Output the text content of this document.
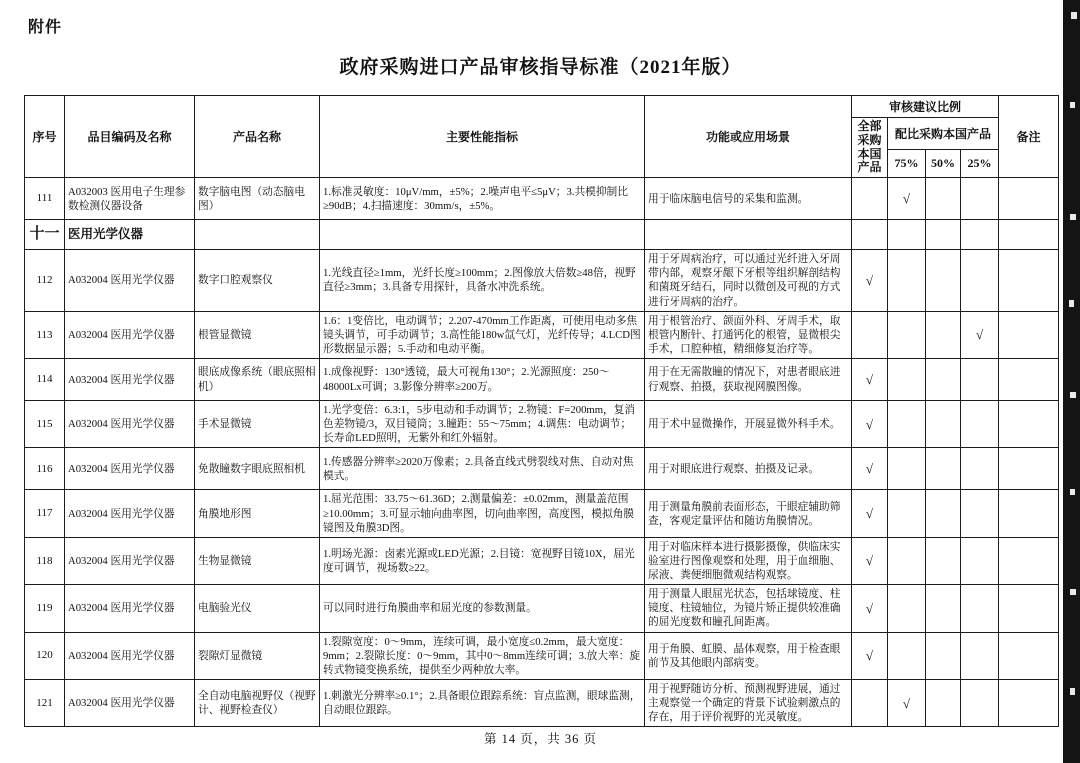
附件
政府采购进口产品审核指导标准（2021年版）
序号	品目编码及名称	产品名称	主要性能指标	功能或应用场景	审核建议比例				备注
					全部采购本国产品	配比采购本国产品			
						75%	50%	25%	
111	A032003 医用电子生理参数检测仪器设备	数字脑电图（动态脑电图）	1.标准灵敏度：10μV/mm，±5%；2.噪声电平≤5μV；3.共模抑制比≥90dB；4.扫描速度：30mm/s，±5%。	用于临床脑电信号的采集和监测。		√			
十一	医用光学仪器								
112	A032004 医用光学仪器	数字口腔观察仪	1.光线直径≥1mm，光纤长度≥100mm；2.图像放大倍数≥48倍，视野直径≥3mm；3.具备专用探针，具备水冲洗系统。	用于牙周病治疗，可以通过光纤进入牙周带内部，观察牙龈下牙根等组织解剖结构和菌斑牙结石，同时以微创及可视的方式进行牙周病的治疗。	√				
113	A032004 医用光学仪器	根管显微镜	1.6：1变倍比，电动调节；2.207-470mm工作距离，可使用电动多焦镜头调节，可手动调节；3.高性能180w氙气灯，光纤传导；4.LCD图形数据显示器；5.手动和电动平衡。	用于根管治疗、颌面外科、牙周手术，取根管内断针、打通钙化的根管，显微根尖手术，口腔种植，精细修复治疗等。				√	
114	A032004 医用光学仪器	眼底成像系统（眼底照相机）	1.成像视野：130°透镜，最大可视角130°；2.光源照度：250～48000Lx可调；3.影像分辨率≥200万。	用于在无需散瞳的情况下，对患者眼底进行观察、拍摄，获取视网膜图像。	√				
115	A032004 医用光学仪器	手术显微镜	1.光学变倍：6.3:1，5步电动和手动调节；2.物镜：F=200mm，复消色差物镜/3，双目镜筒；3.瞳距：55～75mm；4.调焦：电动调节；长寿命LED照明，无紫外和红外辐射。	用于术中显微操作，开展显微外科手术。	√				
116	A032004 医用光学仪器	免散瞳数字眼底照相机	1.传感器分辨率≥2020万像素；2.具备直线式劈裂线对焦、自动对焦模式。	用于对眼底进行观察、拍摄及记录。	√				
117	A032004 医用光学仪器	角膜地形图	1.屈光范围：33.75～61.36D；2.测量偏差：±0.02mm，测量盖范围≥10.00mm；3.可显示轴向曲率图，切向曲率图，高度图，模拟角膜镜图及角膜3D图。	用于测量角膜前表面形态，干眼症辅助筛查，客观定量评估和随访角膜情况。	√				
118	A032004 医用光学仪器	生物显微镜	1.明场光源：卤素光源或LED光源；2.目镜：宽视野目镜10X，屈光度可调节，视场数≥22。	用于对临床样本进行摄影摄像，供临床实验室进行图像观察和处理，用于血细胞、尿液、粪便细胞微观结构观察。	√				
119	A032004 医用光学仪器	电脑验光仪	可以同时进行角膜曲率和屈光度的参数测量。	用于测量人眼屈光状态，包括球镜度、柱镜度、柱镜轴位，为镜片矫正提供较准确的屈光度数和瞳孔间距离。	√				
120	A032004 医用光学仪器	裂隙灯显微镜	1.裂隙宽度：0～9mm，连续可调，最小宽度≤0.2mm，最大宽度：9mm；2.裂隙长度：0～9mm，其中0～8mm连续可调；3.放大率：旋转式物镜变换系统，提供至少两种放大率。	用于角膜、虹膜、晶体观察，用于检查眼前节及其他眼内部病变。	√				
121	A032004 医用光学仪器	全自动电脑视野仪（视野计、视野检查仪）	1.刺激光分辨率≥0.1°；2.具备眼位跟踪系统：盲点监测，眼球监测，自动眼位跟踪。	用于视野随访分析、预测视野进展，通过主观察觉一个确定的背景下试验刺激点的存在，用于评价视野的光灵敏度。		√			
第 14 页，共 36 页
